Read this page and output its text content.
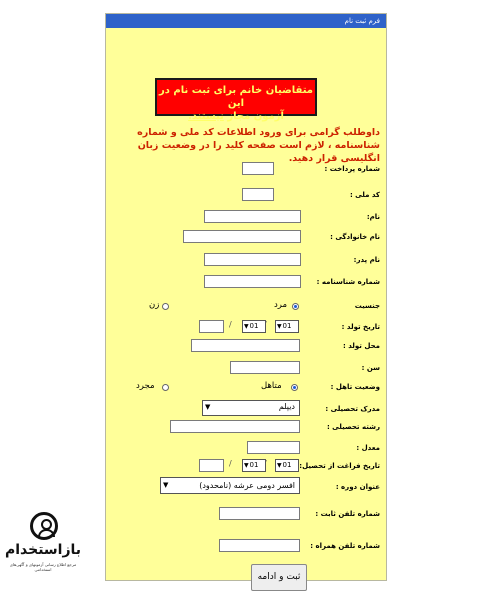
فرم ثبت نام
متقاضیان خانم برای ثبت نام در این
آزمون مجاز نیستند.
داوطلب گرامی برای ورود اطلاعات کد ملی و شماره شناسنامه ، لازم است صفحه کلید را در وضعیت زبان انگلیسی قرار دهید.
شماره پرداخت :
کد ملی :
نام:
نام خانوادگی :
نام پدر:
شماره شناسنامه :
جنسیت
مرد
زن
تاریخ تولد :
01
▼
01
▼
/
محل تولد :
سن :
وضعیت تاهل :
متاهل
مجرد
مدرک تحصیلی :
دیپلم
▼
رشته تحصیلی :
معدل :
تاریخ فراغت از تحصیل:
01
▼
01
▼
/
عنوان دوره :
افسر دومی عرشه (نامحدود)
▼
شماره تلفن ثابت :
شماره تلفن همراه :
ثبت و ادامه
بازاستخدام
مرجع اطلاع رسانی آزمونهای و آگهی‌های استخدامی
